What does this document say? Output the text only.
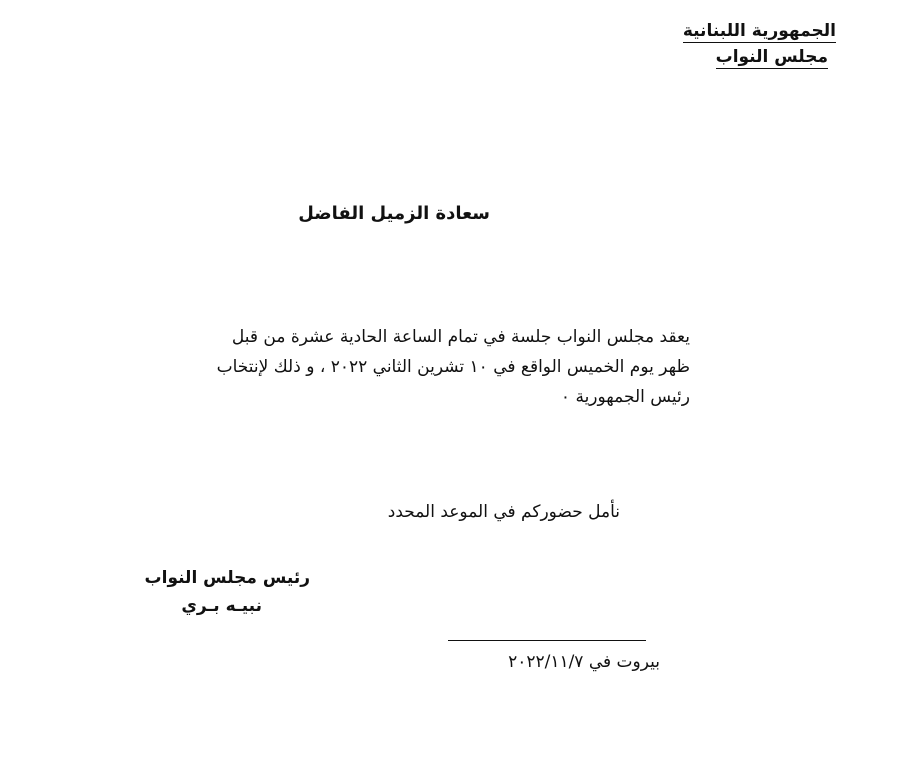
الجمهورية اللبنانية
مجلس النواب
سعادة الزميل الفاضل
يعقد مجلس النواب جلسة في تمام الساعة الحادية عشرة من قبل
ظهر يوم الخميس الواقع في ١٠ تشرين الثاني ٢٠٢٢ ، و ذلك لإنتخاب
رئيس الجمهورية ٠
نأمل حضوركم في الموعد المحدد
رئيس مجلس النواب
نبيـه بـري
بيروت في ٢٠٢٢/١١/٧
